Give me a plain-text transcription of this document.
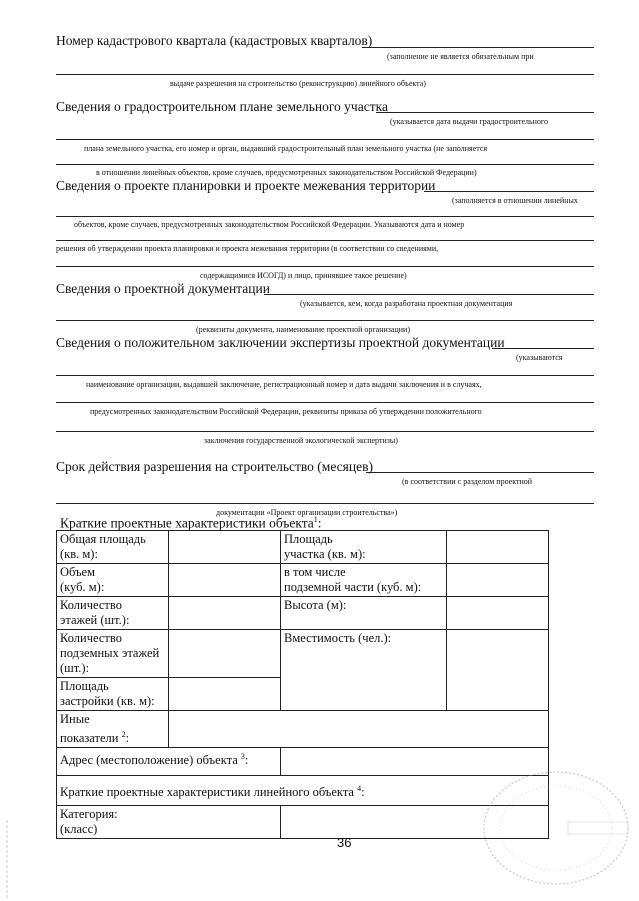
Номер кадастрового квартала (кадастровых кварталов)
(заполнение не является обязательным при
выдаче разрешения на строительство (реконструкцию) линейного объекта)
Сведения о градостроительном плане земельного участка
(указывается дата выдачи градостроительного
плана земельного участка, его номер и орган, выдавший градостроительный план земельного участка (не заполняется
в отношении линейных объектов, кроме случаев, предусмотренных законодательством Российской Федерации)
Сведения о проекте планировки и проекте межевания территории
(заполняется в отношении линейных
объектов, кроме случаев, предусмотренных законодательством Российской Федерации. Указываются дата и номер
решения об утверждении проекта планировки и проекта межевания территории (в соответствии со сведениями,
содержащимися ИСОГД) и лицо, принявшее такое решение)
Сведения о проектной документации
(указывается, кем, когда разработана проектная документация
(реквизиты документа, наименование проектной организации)
Сведения о положительном заключении экспертизы проектной документации
(указываются
наименование организации, выдавшей заключение, регистрационный номер и дата выдачи заключения и в случаях,
предусмотренных законодательством Российской Федерации, реквизиты приказа об утверждении положительного
заключения государственной экологической экспертизы)
Срок действия разрешения на строительство (месяцев)
(в соответствии с разделом проектной
документации «Проект организации строительства»)
Краткие проектные характеристики объекта$^1$:
Общая площадь
(кв. м):		Площадь
участка (кв. м):	
Объем
(куб. м):		в том числе
подземной части (куб. м):	
Количество
этажей (шт.):		Высота (м):	
Количество
подземных этажей
(шт.):		Вместимость (чел.):	
Площадь
застройки (кв. м):			
Иные
показатели $^2$:			
Адрес (местоположение) объекта $^3$:			
Краткие проектные характеристики линейного объекта $^4$:			
Категория:
(класс)			
36
